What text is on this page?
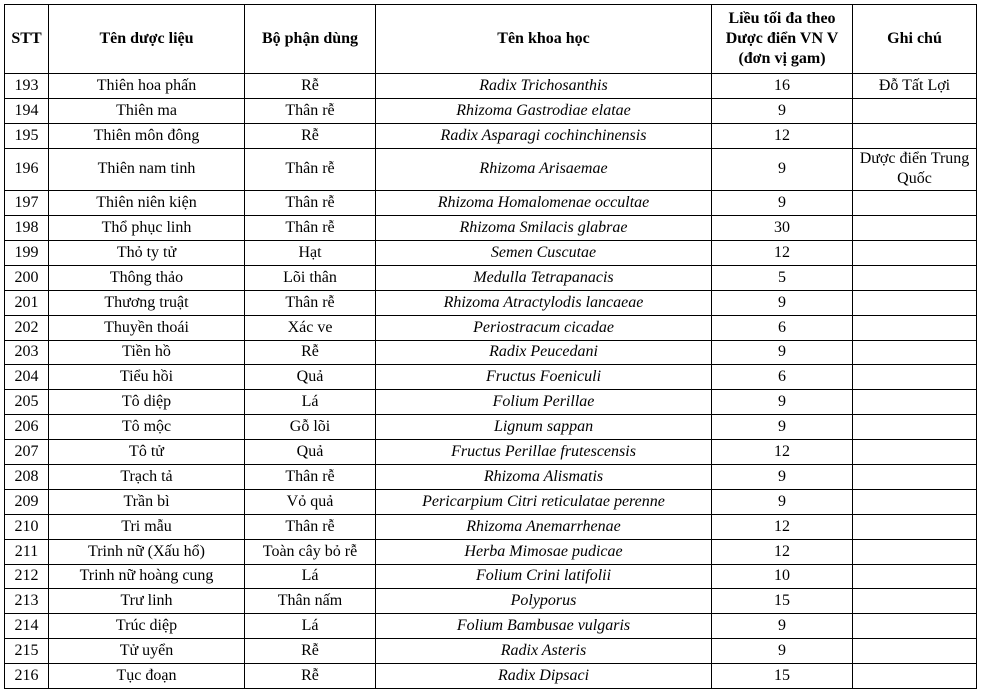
STT	Tên dược liệu	Bộ phận dùng	Tên khoa học	Liều tối đa theo Dược điển VN V (đơn vị gam)	Ghi chú
193	Thiên hoa phấn	Rễ	Radix Trichosanthis	16	Đỗ Tất Lợi
194	Thiên ma	Thân rễ	Rhizoma Gastrodiae elatae	9	
195	Thiên môn đông	Rễ	Radix Asparagi cochinchinensis	12	
196	Thiên nam tinh	Thân rễ	Rhizoma Arisaemae	9	Dược điển Trung Quốc
197	Thiên niên kiện	Thân rễ	Rhizoma Homalomenae occultae	9	
198	Thổ phục linh	Thân rễ	Rhizoma Smilacis glabrae	30	
199	Thỏ ty tử	Hạt	Semen Cuscutae	12	
200	Thông thảo	Lõi thân	Medulla Tetrapanacis	5	
201	Thương truật	Thân rễ	Rhizoma Atractylodis lancaeae	9	
202	Thuyền thoái	Xác ve	Periostracum cicadae	6	
203	Tiền hồ	Rễ	Radix Peucedani	9	
204	Tiểu hồi	Quả	Fructus Foeniculi	6	
205	Tô diệp	Lá	Folium Perillae	9	
206	Tô mộc	Gỗ lõi	Lignum sappan	9	
207	Tô tử	Quả	Fructus Perillae frutescensis	12	
208	Trạch tả	Thân rễ	Rhizoma Alismatis	9	
209	Trần bì	Vỏ quả	Pericarpium Citri reticulatae perenne	9	
210	Tri mẫu	Thân rễ	Rhizoma Anemarrhenae	12	
211	Trinh nữ (Xấu hổ)	Toàn cây bỏ rễ	Herba Mimosae pudicae	12	
212	Trinh nữ hoàng cung	Lá	Folium Crini latifolii	10	
213	Trư linh	Thân nấm	Polyporus	15	
214	Trúc diệp	Lá	Folium Bambusae vulgaris	9	
215	Tử uyển	Rễ	Radix Asteris	9	
216	Tục đoạn	Rễ	Radix Dipsaci	15	
